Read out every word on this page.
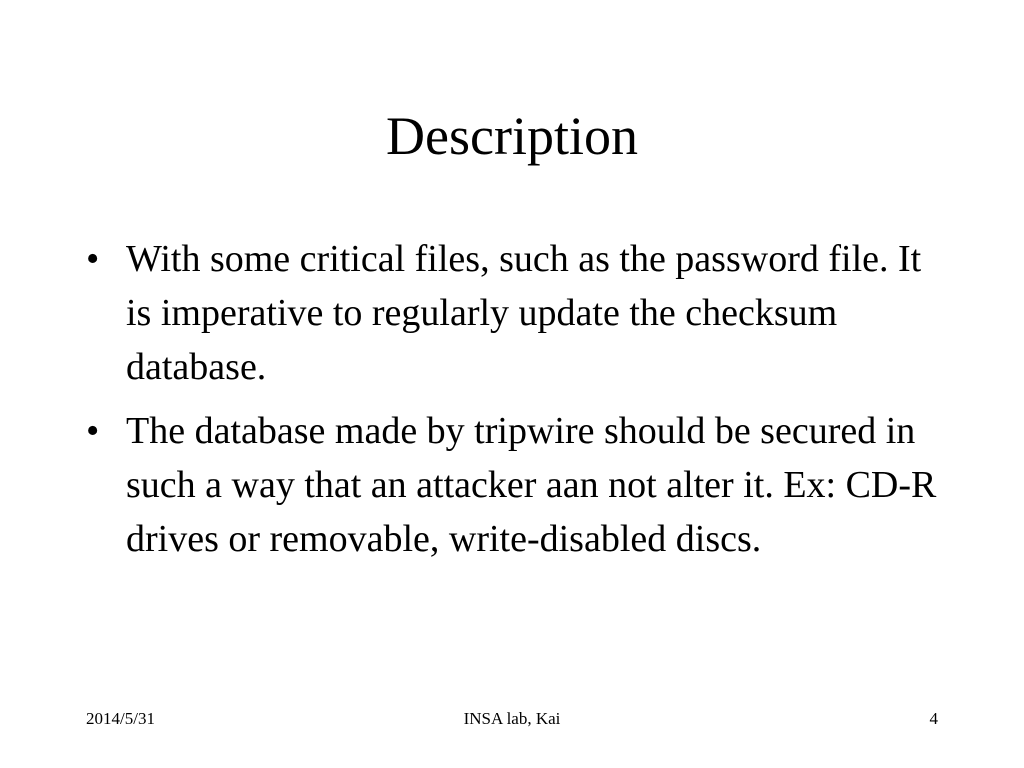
Description
• With some critical files, such as the password file. It is imperative to regularly update the checksum database.
• The database made by tripwire should be secured in such a way that an attacker aan not alter it. Ex: CD-R drives or removable, write-disabled discs.
2014/5/31	INSA lab, Kai	4
